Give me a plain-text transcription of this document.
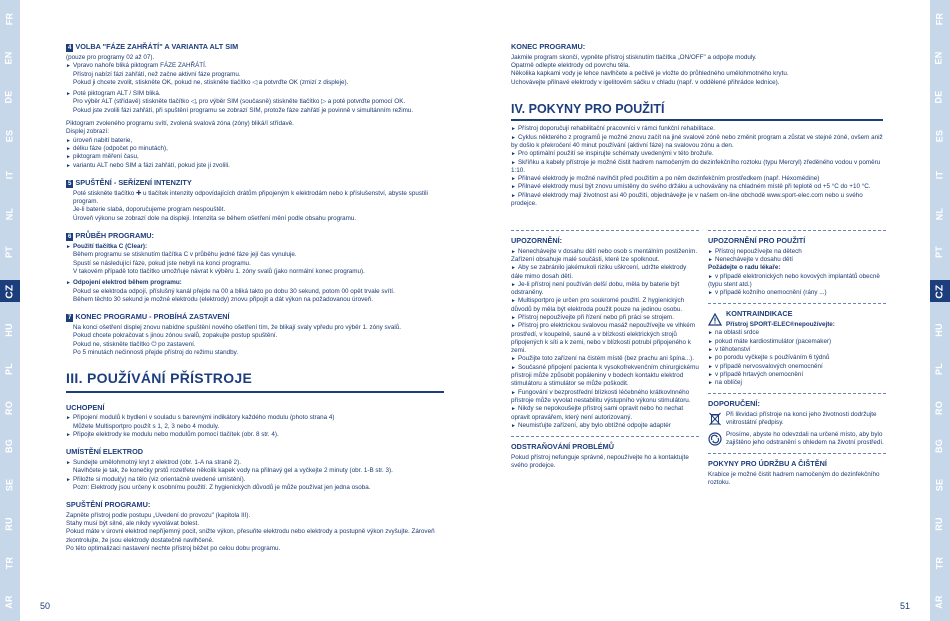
FR
EN
DE
ES
IT
NL
PT
CZ
HU
PL
RO
BG
SE
RU
TR
AR
FR
EN
DE
ES
IT
NL
PT
CZ
HU
PL
RO
BG
SE
RU
TR
AR
4 VOLBA "FÁZE ZAHŘÁTÍ" A VARIANTA ALT SIM

(pouze pro programy 02 až 07).

► Vpravo nahoře bliká piktogram FÁZE ZAHŘÁTÍ.

Přístroj nabízí fázi zahřátí, než začne aktivní fáze programu.

Pokud ji chcete zvolit, stiskněte OK, pokud ne, stiskněte tlačítko ◁ a potvrďte OK (zmizí z displeje).

► Poté piktogram ALT / SIM bliká.

Pro výběr ALT (střídavě) stiskněte tlačítko ◁, pro výběr SIM (současně) stiskněte tlačítko ▷ a poté potvrďte pomocí OK.

Pokud jste zvolili fázi zahřátí, při spuštění programu se zobrazí SIM, protože fáze zahřátí je povinně v simultánním režimu.

Piktogram zvoleného programu svítí, zvolená svalová zóna (zóny) bliká/í střídavě.

Displej zobrazí:

► úroveň nabití baterie,

► délku fáze (odpočet po minutách),

► piktogram měření času,

► variantu ALT nebo SIM a fázi zahřátí, pokud jste ji zvolili.

5 SPUŠTĚNÍ - SEŘÍZENÍ INTENZITY

Poté stiskněte tlačítko ✚ u tlačítek intenzity odpovídajících drátům připojeným k elektrodám nebo k příslušenství, abyste spustili program.

Je-li baterie slabá, doporučujeme program nespouštět.

Úroveň výkonu se zobrazí dole na displeji. Intenzita se během ošetření mění podle obsahu programu.

6 PRŮBĚH PROGRAMU:

► Použití tlačítka C (Clear):

Během programu se stisknutím tlačítka C v průběhu jedné fáze její čas vynuluje.

Spustí se následující fáze, pokud jste nebyli na konci programu.

V takovém případě toto tlačítko umožňuje návrat k výběru 1. zóny svalů (jako normální konec programu).

► Odpojení elektrod během programu:

Pokud se elektroda odpojí, příslušný kanál přejde na 00 a bliká takto po dobu 30 sekund, potom 00 opět trvale svítí.

Během těchto 30 sekund je možné elektrodu (elektrody) znovu připojit a dát výkon na požadovanou úroveň.

7 KONEC PROGRAMU - PROBÍHÁ ZASTAVENÍ

Na konci ošetření displej znovu nabídne spuštění nového ošetření tím, že blikají svaly vpředu pro výběr 1. zóny svalů.

Pokud chcete pokračovat s jinou zónou svalů, zopakujte postup spuštění.

Pokud ne, stiskněte tlačítko ⏻ po zastavení.

Po 5 minutách nečinnosti přejde přístroj do režimu standby.

III. POUŽÍVÁNÍ PŘÍSTROJE
UCHOPENÍ

► Připojení modulů k bydlení v souladu s barevnými indikátory každého modulu (photo strana 4)

Můžete Multisportpro použít s 1, 2, 3 nebo 4 moduly.

► Připojte elektrody ke modulu nebo modulům pomocí tlačítek (obr. 8 str. 4).

UMÍSTĚNÍ ELEKTROD

► Sundejte umělohmotný kryt z elektrod (obr. 1-A na straně 2).

Navlhčete je tak, že konečky prstů rozetřete několik kapek vody na přilnavý gel a vyčkejte 2 minuty (obr. 1-B str. 3).

► Přiložte si modul(y) na tělo (viz orientačně uvedené umístění).

Pozn: Elektrody jsou určeny k osobnímu použití. Z hygienických důvodů je může používat jen jedna osoba.

SPUŠTĚNÍ PROGRAMU:

Zapněte přístroj podle postupu „Uvedení do provozu" (kapitola III).

Stahy musí být silné, ale nikdy vyvolávat bolest.

Pokud máte v úrovni elektrod nepříjemný pocit, snižte výkon, přesuňte elektrodu nebo elektrody a postupně výkon zvyšujte. Zároveň zkontrolujte, že jsou elektrody dostatečně navlhčené.

Po této optimalizaci nastavení nechte přístroj běžet po celou dobu programu.

KONEC PROGRAMU:

Jakmile program skončí, vypněte přístroj stisknutím tlačítka „ON/OFF" a odpojte moduly.

Opatrně odlepte elektrody od povrchu těla.

Několika kapkami vody je lehce navlhčete a pečlivě je vložte do průhledného umělohmotného krytu.

Uchovávejte přilnavé elektrody v igelitovém sáčku v chladu (např. v oddělené přihrádce lednice).

IV. POKYNY PRO POUŽITÍ

► Přístroj doporučují rehabilitační pracovníci v rámci funkční rehabilitace.

► Cyklus některého z programů je možné znovu začít na jiné svalové zóně nebo změnit program a zůstat ve stejné zóně, ovšem aniž by došlo k překročení 40 minut používání (aktivní fáze) na svalovou zónu a den.

► Pro optimální použití se inspirujte schématy uvedenými v této brožuře.

► Skříňku a kabely přístroje je možné čistit hadrem namočeným do dezinfekčního roztoku (typu Mercryl) zředěného vodou v poměru 1:10.

► Přilnavé elektrody je možné navlhčit před použitím a po něm dezinfekčním prostředkem (např. Héxomédine)

► Přilnavé elektrody musí být znovu umístěny do svého držáku a uchovávány na chladném místě při teplotě od +5 °C do +10 °C.

► Přilnavé elektrody mají životnost asi 40 použití, objednávejte je v našem on-line obchodě www.sport-elec.com nebo u svého prodejce.

UPOZORNĚNÍ:

► Nenechávejte v dosahu dětí nebo osob s mentálním postižením. Zařízení obsahuje malé součásti, které lze spolknout.

► Aby se zabránilo jakémukoli riziku uškrcení, udržte elektrody dále mimo dosah dětí.

► Je-li přístroj není používán delší dobu, měla by baterie být odstraněny.

► Multisportpro je určen pro soukromé použití. Z hygienických důvodů by měla být elektroda použit pouze na jedinou osobu.

► Přístroj nepoužívejte při řízení nebo při práci se strojem.

► Přístroj pro elektrickou svalovou masáž nepoužívejte ve vlhkém prostředí, v koupelně, sauně a v blízkosti elektrických strojů připojených k síti a k zemi, nebo v blízkosti potrubí připojeného k zemi.

► Použijte toto zařízení na čistém místě (bez prachu ani špína...).

► Současné připojení pacienta k vysokofrekvenčním chirurgickému přístroji může způsobit popáleniny v bodech kontaktu elektrod stimulátoru a stimulátor se může poškodit.

► Fungování v bezprostřední blízkosti léčebného krátkovlnného přístroje může vyvolat nestabilitu výstupního výkonu stimulátoru.

► Nikdy se nepokoušejte přístroj sami opravit nebo ho nechat opravit opravářem, který není autorizovaný.

► Neumisťujte zařízení, aby bylo obtížné odpojte adaptér

ODSTRAŇOVÁNÍ PROBLÉMŮ

Pokud přístroj nefunguje správně, nepoužívejte ho a kontaktujte svého prodejce.

UPOZORNĚNÍ PRO POUŽITÍ

► Přístroj nepoužívejte na dětech

► Nenechávejte v dosahu dětí

Požádejte o radu lékaře:

► v případě elektronických nebo kovových implantátů obecně (typu stent atd.)

► v případě kožního onemocnění (rány ...)

KONTRAINDIKACE

Přístroj SPORT-ELEC®nepoužívejte:

► na oblasti srdce

► pokud máte kardiostimulátor (pacemaker)

► v těhotenství

► po porodu vyčkejte s používáním 6 týdnů

► v případě nervosvalových onemocnění

► v případě hrtavých onemocnění

► na oblíčej

DOPORUČENÍ:

Při likvidaci přístroje na konci jeho životnosti dodržujte vnitrostátní předpisy.

Prosíme, abyste ho odevzdali na určené místo, aby bylo zajištěno jeho odstranění s ohledem na životní prostředí.

POKYNY PRO ÚDRŽBU A ČIŠTĚNÍ

Krabice je možné čistit hadrem namočeným do dezinfekčního roztoku.

50	51
